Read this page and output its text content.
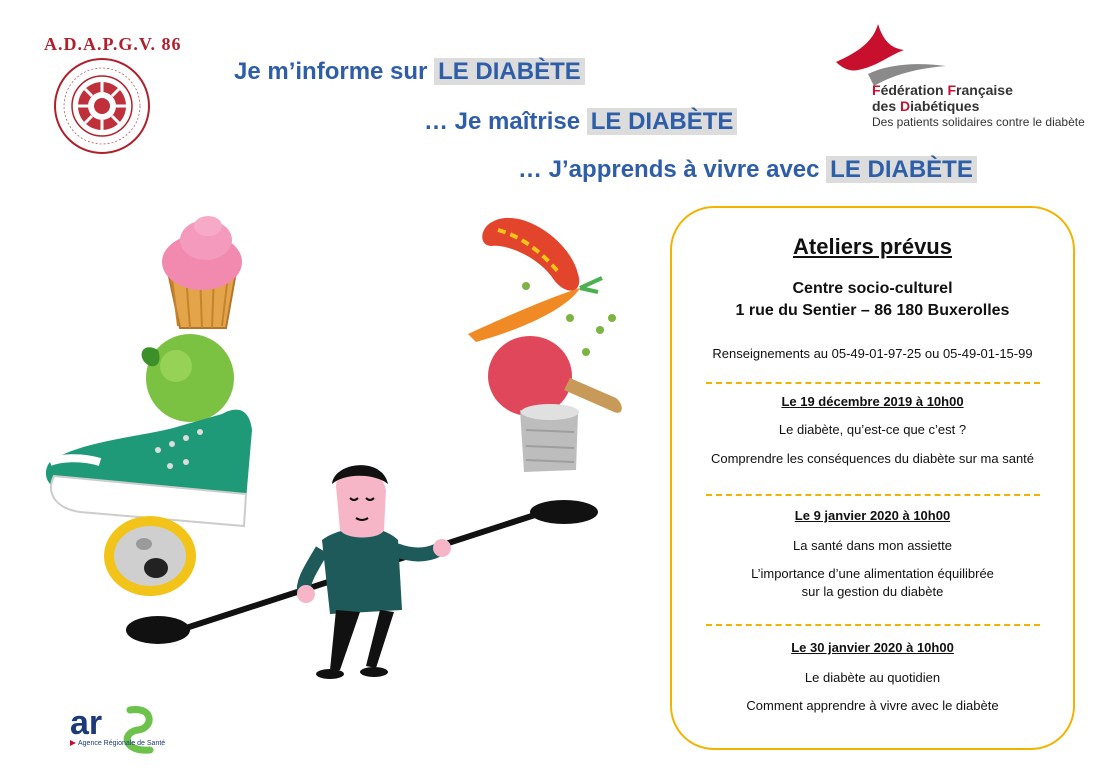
A.D.A.P.G.V. 86
Je m’informe sur LE DIABÈTE
… Je maîtrise LE DIABÈTE
… J’apprends à vivre avec LE DIABÈTE
Fédération Française
des Diabétiques
Des patients solidaires contre le diabète
ar
Agence Régionale de Santé
Ateliers prévus
Centre socio-culturel
1 rue du Sentier – 86 180 Buxerolles
Renseignements au 05-49-01-97-25 ou 05-49-01-15-99
Le 19 décembre 2019 à 10h00
Le diabète, qu’est-ce que c’est ?
Comprendre les conséquences du diabète sur ma santé
Le 9 janvier 2020 à 10h00
La santé dans mon assiette
L’importance d’une alimentation équilibrée
sur la gestion du diabète
Le 30 janvier 2020 à 10h00
Le diabète au quotidien
Comment apprendre à vivre avec le diabète
